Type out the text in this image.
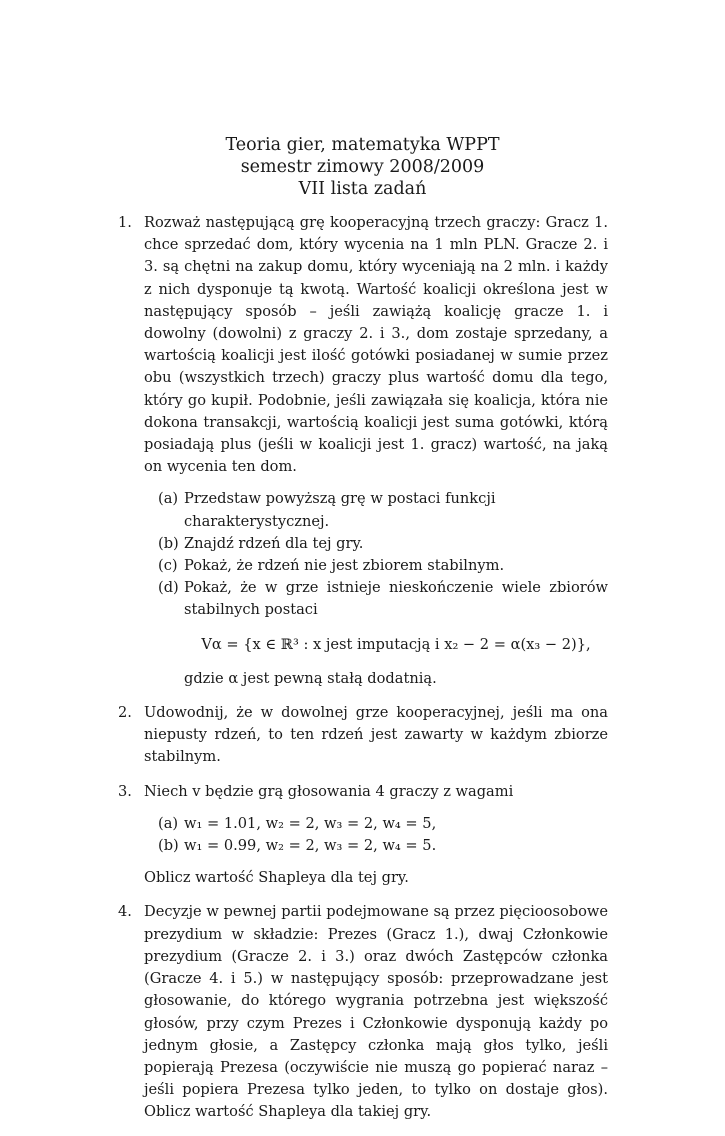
Teoria gier, matematyka WPPT
semestr zimowy 2008/2009
VII lista zadań
1. Rozważ następującą grę kooperacyjną trzech graczy: Gracz 1. chce sprzedać dom, który wycenia na 1 mln PLN. Gracze 2. i 3. są chętni na zakup domu, który wyceniają na 2 mln. i każdy z nich dysponuje tą kwotą. Wartość koalicji określona jest w następujący sposób – jeśli zawiążą koalicję gracze 1. i dowolny (dowolni) z graczy 2. i 3., dom zostaje sprzedany, a wartością koalicji jest ilość gotówki posiadanej w sumie przez obu (wszystkich trzech) graczy plus wartość domu dla tego, który go kupił. Podobnie, jeśli zawiązała się koalicja, która nie dokona transakcji, wartością koalicji jest suma gotówki, którą posiadają plus (jeśli w koalicji jest 1. gracz) wartość, na jaką on wycenia ten dom.
(a) Przedstaw powyższą grę w postaci funkcji charakterystycznej.
(b) Znajdź rdzeń dla tej gry.
(c) Pokaż, że rdzeń nie jest zbiorem stabilnym.
(d) Pokaż, że w grze istnieje nieskończenie wiele zbiorów stabilnych postaci
Vα = {x ∈ ℝ³ : x jest imputacją i x₂ − 2 = α(x₃ − 2)},
gdzie α jest pewną stałą dodatnią.
2. Udowodnij, że w dowolnej grze kooperacyjnej, jeśli ma ona niepusty rdzeń, to ten rdzeń jest zawarty w każdym zbiorze stabilnym.
3. Niech v będzie grą głosowania 4 graczy z wagami
(a) w₁ = 1.01, w₂ = 2, w₃ = 2, w₄ = 5,
(b) w₁ = 0.99, w₂ = 2, w₃ = 2, w₄ = 5.
Oblicz wartość Shapleya dla tej gry.
4. Decyzje w pewnej partii podejmowane są przez pięcioosobowe prezydium w składzie: Prezes (Gracz 1.), dwaj Członkowie prezydium (Gracze 2. i 3.) oraz dwóch Zastępców członka (Gracze 4. i 5.) w następujący sposób: przeprowadzane jest głosowanie, do którego wygrania potrzebna jest większość głosów, przy czym Prezes i Członkowie dysponują każdy po jednym głosie, a Zastępcy członka mają głos tylko, jeśli popierają Prezesa (oczywiście nie muszą go popierać naraz – jeśli popiera Prezesa tylko jeden, to tylko on dostaje głos). Oblicz wartość Shapleya dla takiej gry.
